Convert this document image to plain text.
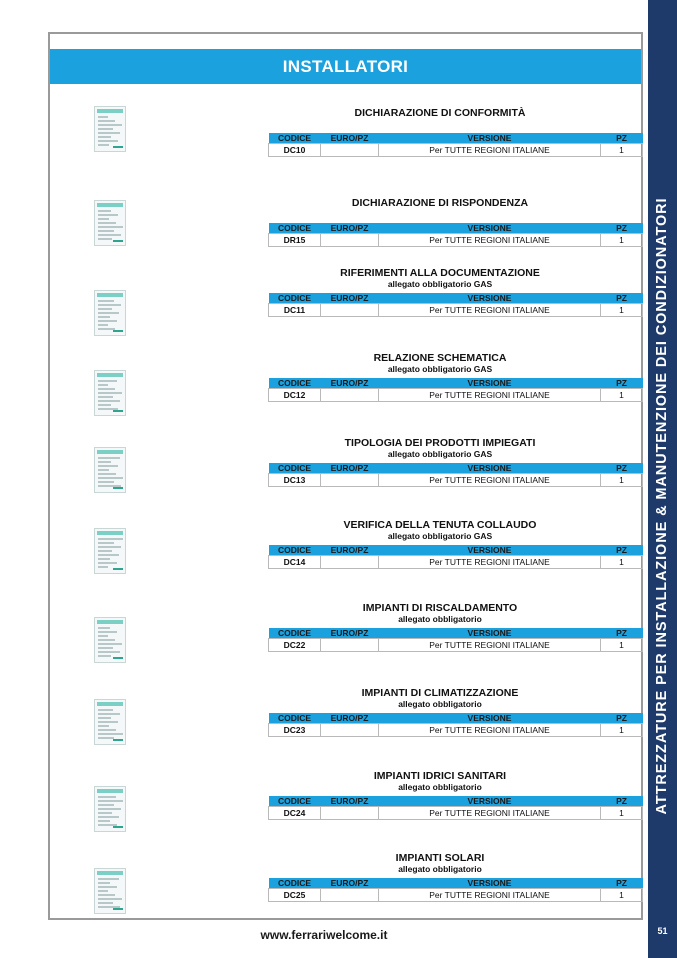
INSTALLATORI
ATTREZZATURE PER INSTALLAZIONE & MANUTENZIONE DEI CONDIZIONATORI
51
DICHIARAZIONE DI CONFORMITÀ
CODICE	EURO/PZ	VERSIONE	PZ
DC10		Per TUTTE REGIONI ITALIANE	1
DICHIARAZIONE DI RISPONDENZA
CODICE	EURO/PZ	VERSIONE	PZ
DR15		Per TUTTE REGIONI ITALIANE	1
RIFERIMENTI ALLA DOCUMENTAZIONE
allegato obbligatorio GAS
CODICE	EURO/PZ	VERSIONE	PZ
DC11		Per TUTTE REGIONI ITALIANE	1
RELAZIONE SCHEMATICA
allegato obbligatorio GAS
CODICE	EURO/PZ	VERSIONE	PZ
DC12		Per TUTTE REGIONI ITALIANE	1
TIPOLOGIA DEI PRODOTTI IMPIEGATI
allegato obbligatorio GAS
CODICE	EURO/PZ	VERSIONE	PZ
DC13		Per TUTTE REGIONI ITALIANE	1
VERIFICA DELLA TENUTA COLLAUDO
allegato obbligatorio GAS
CODICE	EURO/PZ	VERSIONE	PZ
DC14		Per TUTTE REGIONI ITALIANE	1
IMPIANTI DI RISCALDAMENTO
allegato obbligatorio
CODICE	EURO/PZ	VERSIONE	PZ
DC22		Per TUTTE REGIONI ITALIANE	1
IMPIANTI DI CLIMATIZZAZIONE
allegato obbligatorio
CODICE	EURO/PZ	VERSIONE	PZ
DC23		Per TUTTE REGIONI ITALIANE	1
IMPIANTI IDRICI SANITARI
allegato obbligatorio
CODICE	EURO/PZ	VERSIONE	PZ
DC24		Per TUTTE REGIONI ITALIANE	1
IMPIANTI SOLARI
allegato obbligatorio
CODICE	EURO/PZ	VERSIONE	PZ
DC25		Per TUTTE REGIONI ITALIANE	1
www.ferrariwelcome.it
